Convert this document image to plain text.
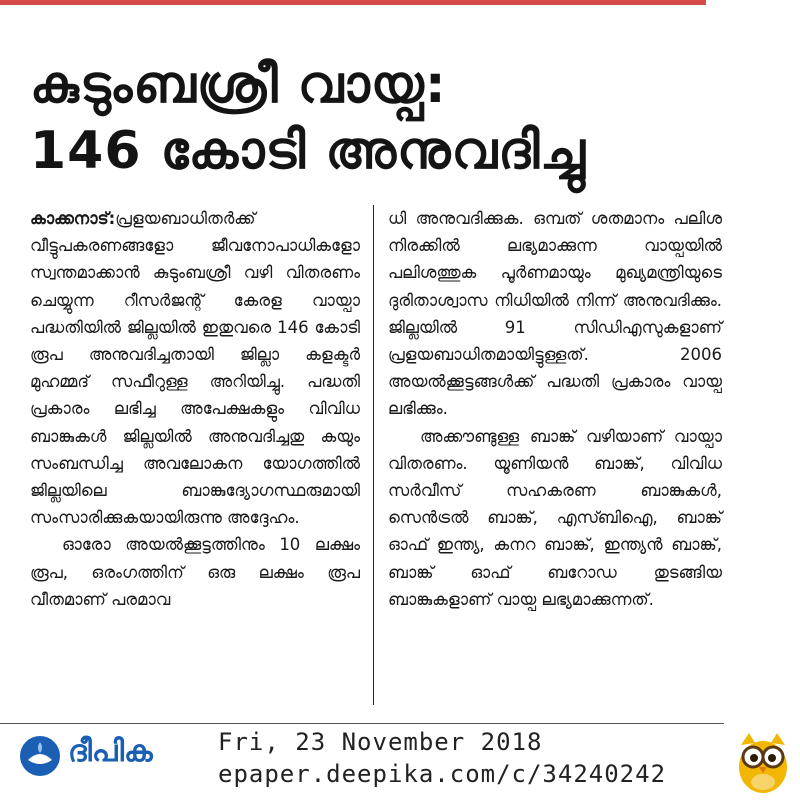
കുടുംബശ്രീ വായ്പ:
146 കോടി അനുവദിച്ചു

കാക്കനാട്:പ്രളയബാധിതർക്ക് വീട്ടുപകരണങ്ങളോ ജീവനോപാധികളോ സ്വന്തമാക്കാൻ കുടുംബശ്രീ വഴി വിതരണം ചെയ്യുന്ന റീസർജന്റ് കേരള വായ്പാ പദ്ധതിയിൽ ജില്ലയിൽ ഇതുവരെ 146 കോടി രൂപ അനുവദിച്ചതായി ജില്ലാ കളക്ടർ മുഹമ്മദ് സഫീറുള്ള അറിയിച്ചു. പദ്ധതി പ്രകാരം ലഭിച്ച അപേക്ഷകളും വിവിധ ബാങ്കുകൾ ജില്ലയിൽ അനുവദിച്ചതു കയും സംബന്ധിച്ച അവലോകന യോഗത്തിൽ ജില്ലയിലെ ബാങ്കുദ്യോഗസ്ഥരുമായി സംസാരിക്കുകയായിരുന്നു അദ്ദേഹം.

ഓരോ അയൽക്കൂട്ടത്തിനും 10 ലക്ഷം രൂപ, ഒരംഗത്തിന് ഒരു ലക്ഷം രൂപ വീതമാണ് പരമാവ

ധി അനുവദിക്കുക. ഒമ്പത് ശതമാനം പലിശ നിരക്കിൽ ലഭ്യമാക്കുന്ന വായ്പയിൽ പലിശത്തുക പൂർണമായും മുഖ്യമന്ത്രിയുടെ ദുരിതാശ്വാസ നിധിയിൽ നിന്ന് അനുവദിക്കും. ജില്ലയിൽ 91 സിഡിഎസുകളാണ് പ്രളയബാധിതമായിട്ടുള്ളത്. 2006 അയൽക്കൂട്ടങ്ങൾക്ക് പദ്ധതി പ്രകാരം വായ്പ ലഭിക്കും.

അക്കൗണ്ടുള്ള ബാങ്ക് വഴിയാണ് വായ്പാ വിതരണം. യൂണിയൻ ബാങ്ക്, വിവിധ സർവീസ് സഹകരണ ബാങ്കുകൾ, സെൻട്രൽ ബാങ്ക്, എസ്ബിഐ, ബാങ്ക് ഓഫ് ഇന്ത്യ, കനറ ബാങ്ക്, ഇന്ത്യൻ ബാങ്ക്, ബാങ്ക് ഓഫ് ബറോഡ തുടങ്ങിയ ബാങ്കുകളാണ് വായ്പ ലഭ്യമാക്കുന്നത്.

ദീപിക	Fri, 23 November 2018
epaper.deepika.com/c/34240242
